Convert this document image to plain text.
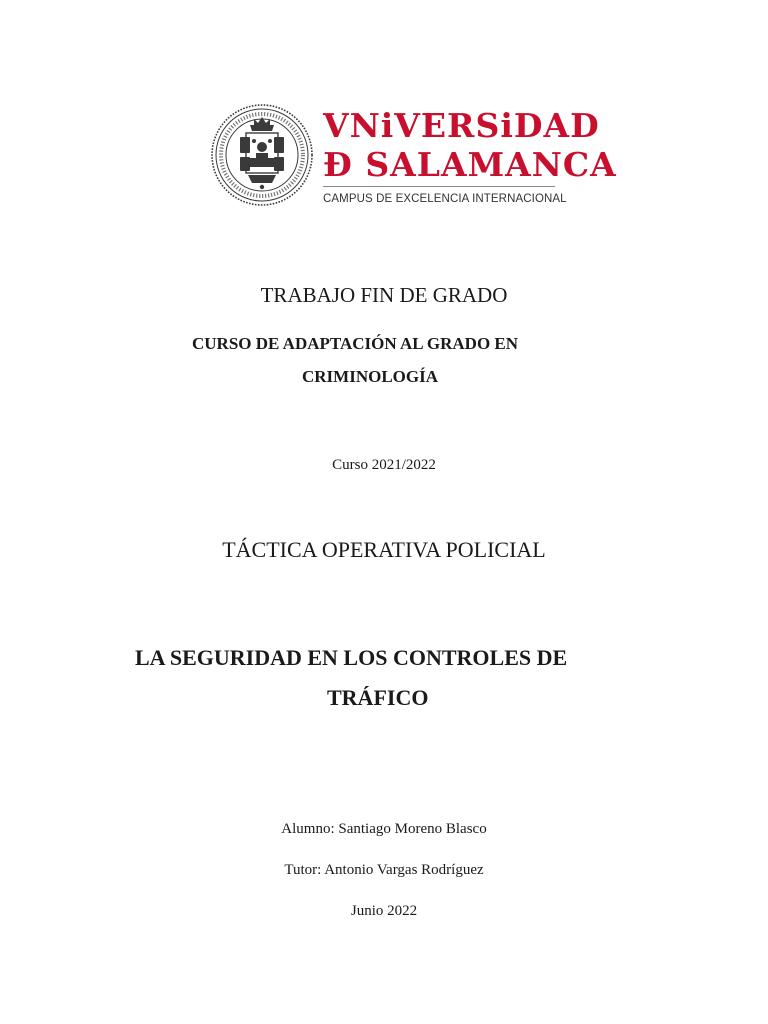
VNiVERSiDAD

Ð SALAMANCA

CAMPUS DE EXCELENCIA INTERNACIONAL

TRABAJO FIN DE GRADO

CURSO DE ADAPTACIÓN AL GRADO EN

CRIMINOLOGÍA

Curso 2021/2022

TÁCTICA OPERATIVA POLICIAL

LA SEGURIDAD EN LOS CONTROLES DE

TRÁFICO

Alumno: Santiago Moreno Blasco

Tutor: Antonio Vargas Rodríguez

Junio 2022
